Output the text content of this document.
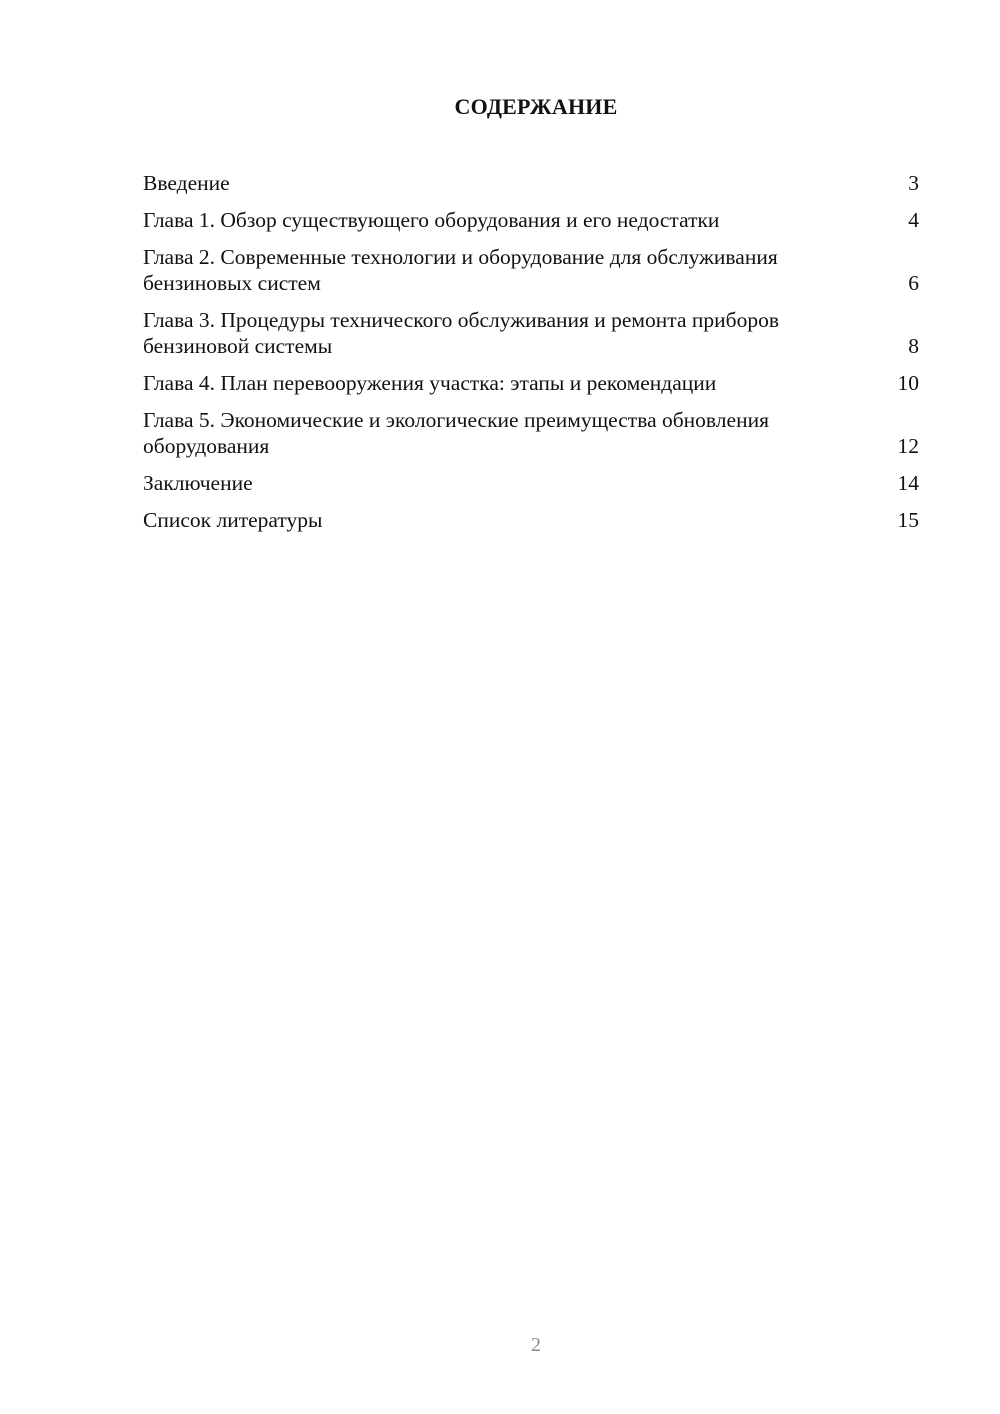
СОДЕРЖАНИЕ
Введение	3
Глава 1. Обзор существующего оборудования и его недостатки	4
Глава 2. Современные технологии и оборудование для обслуживания бензиновых систем	6
Глава 3. Процедуры технического обслуживания и ремонта приборов бензиновой системы	8
Глава 4. План перевооружения участка: этапы и рекомендации	10
Глава 5. Экономические и экологические преимущества обновления оборудования	12
Заключение	14
Список литературы	15
2
